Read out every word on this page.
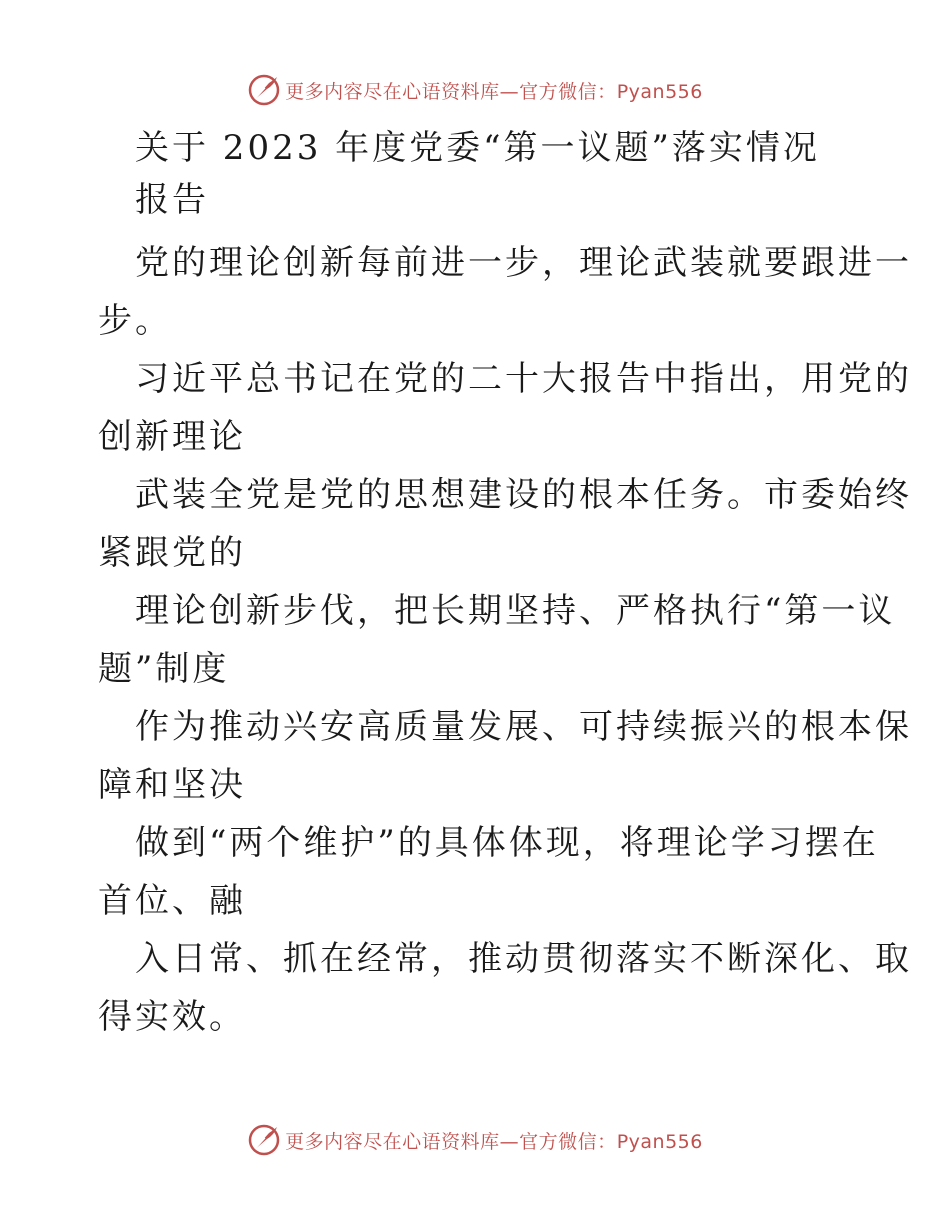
更多内容尽在心语资料库—官方微信：Pyan556
关于 2023 年度党委“第一议题”落实情况
报告
党的理论创新每前进一步，理论武装就要跟进一
步。
习近平总书记在党的二十大报告中指出，用党的
创新理论
武装全党是党的思想建设的根本任务。市委始终
紧跟党的
理论创新步伐，把长期坚持、严格执行“第一议
题”制度
作为推动兴安高质量发展、可持续振兴的根本保
障和坚决
做到“两个维护”的具体体现，将理论学习摆在
首位、融
入日常、抓在经常，推动贯彻落实不断深化、取
得实效。
更多内容尽在心语资料库—官方微信：Pyan556
